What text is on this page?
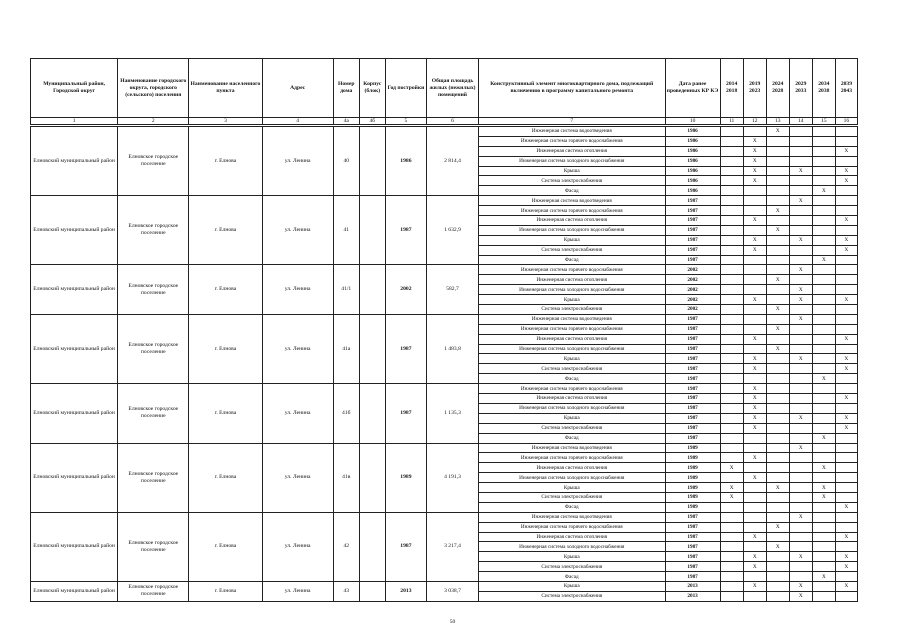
Муниципальный район, Городской округ	Наименование городского округа, городского (сельского) поселения	Наименование населенного пункта	Адрес	Номер дома	Корпус (блок)	Год постройки	Общая площадь жилых (нежилых) помещений	Конструктивный элемент многоквартирного дома, подлежащий включению в программу капитального ремонта	Дата ранее проведенных КР КЭ	2014 2018	2019 2023	2024 2028	2029 2033	2034 2038	2039 2043
1	2	3	4	4а	4б	5	6	7	10	11	12	13	14	15	16

Елновский муниципальный район	Елновское городское поселение	г. Елнова	ул. Ленина	40		1986	2 814,4	Инженерная система водоотведения	1986			X			
								Инженерная система горячего водоснабжения	1986		X				
								Инженерная система отопления	1986		X				X
								Инженерная система холодного водоснабжения	1986		X				
								Крыша	1986		X		X		X
								Система электроснабжения	1986		X				X
								Фасад	1986					X	
Елновский муниципальный район	Елновское городское поселение	г. Елнова	ул. Ленина	41		1987	1 632,9	Инженерная система водоотведения	1987				X		
								Инженерная система горячего водоснабжения	1987			X			
								Инженерная система отопления	1987		X				X
								Инженерная система холодного водоснабжения	1987			X			
								Крыша	1987		X		X		X
								Система электроснабжения	1987		X				X
								Фасад	1987					X	
Елновский муниципальный район	Елновское городское поселение	г. Елнова	ул. Ленина	41/1		2002	582,7	Инженерная система горячего водоснабжения	2002				X		
								Инженерная система отопления	2002			X			
								Инженерная система холодного водоснабжения	2002				X		
								Крыша	2002		X		X		X
								Система электроснабжения	2002			X			
Елновский муниципальный район	Елновское городское поселение	г. Елнова	ул. Ленина	41а		1987	1 483,8	Инженерная система водоотведения	1987				X		
								Инженерная система горячего водоснабжения	1987			X			
								Инженерная система отопления	1987		X				X
								Инженерная система холодного водоснабжения	1987			X			
								Крыша	1987		X		X		X
								Система электроснабжения	1987		X				X
								Фасад	1987					X	
Елновский муниципальный район	Елновское городское поселение	г. Елнова	ул. Ленина	41б		1987	1 135,3	Инженерная система горячего водоснабжения	1987		X				
								Инженерная система отопления	1987		X				X
								Инженерная система холодного водоснабжения	1987		X				
								Крыша	1987		X		X		X
								Система электроснабжения	1987		X				X
								Фасад	1987					X	
Елновский муниципальный район	Елновское городское поселение	г. Елнова	ул. Ленина	41в		1989	4 191,3	Инженерная система водоотведения	1989				X		
								Инженерная система горячего водоснабжения	1989		X				
								Инженерная система отопления	1989	X				X	
								Инженерная система холодного водоснабжения	1989		X				
								Крыша	1989	X		X		X	
								Система электроснабжения	1989	X				X	
								Фасад	1989						X
Елновский муниципальный район	Елновское городское поселение	г. Елнова	ул. Ленина	42		1987	3 217,4	Инженерная система водоотведения	1987				X		
								Инженерная система горячего водоснабжения	1987			X			
								Инженерная система отопления	1987		X				X
								Инженерная система холодного водоснабжения	1987			X			
								Крыша	1987		X		X		X
								Система электроснабжения	1987		X				X
								Фасад	1987					X	
Елновский муниципальный район	Елновское городское поселение	г. Елнова	ул. Ленина	43		2013	3 038,7	Крыша	2013		X		X		X
								Система электроснабжения	2013				X		
50
